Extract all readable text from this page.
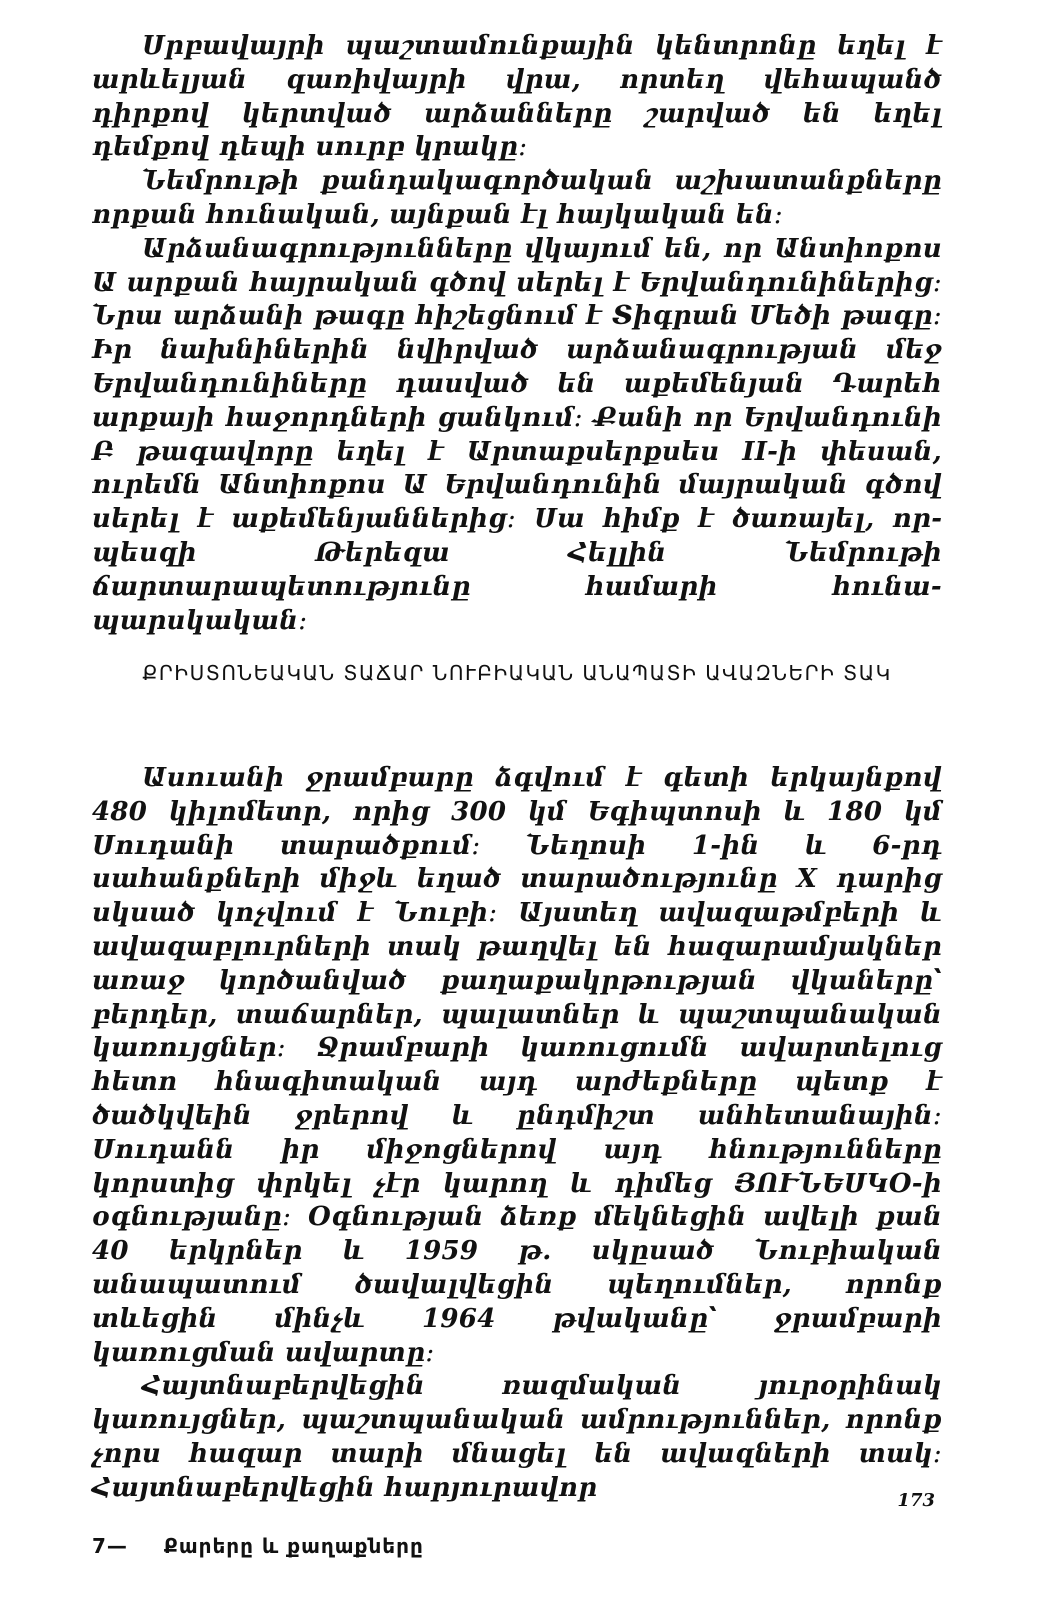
Սրբավայրի պաշտամունքային կենտրոնը եղել է արևելյան զառիվայրի վրա, որտեղ վեհապանծ դիրքով կերտված արձանները շարված են եղել դեմքով դեպի սուրբ կրակը։

Նեմրութի քանդակագործական աշխատանքները որքան հունական, այնքան էլ հայկական են։

Արձանագրությունները վկայում են, որ Անտիոքոս Ա արքան հայրական գծով սերել է Երվանդունիներից։ Նրա արձանի թագը հիշեցնում է Տիգրան Մեծի թագը։ Իր նախնիներին նվիրված արձանագրության մեջ Երվանդունիները դասված են աքեմենյան Դարեհ արքայի հաջորդների ցանկում։ Քանի որ Երվանդունի Բ թագավորը եղել է Արտաքսերքսես II-ի փեսան, ուրեմն Անտիոքոս Ա Երվանդունին մայրական գծով սերել է աքեմենյաններից։ Սա հիմք է ծառայել, որպեսզի Թերեզա Հելլին Նեմրութի ճարտարապետությունը համարի հունա-պարսկական։

ՔՐԻՍՏՈՆԵԱԿԱՆ ՏԱՃԱՐ ՆՈՒԲԻԱԿԱՆ ԱՆԱՊԱՏԻ ԱՎԱԶՆԵՐԻ ՏԱԿ

Ասուանի ջրամբարը ձգվում է գետի երկայնքով 480 կիլոմետր, որից 300 կմ Եգիպտոսի և 180 կմ Սուդանի տարածքում։ Նեղոսի 1-ին և 6-րդ սահանքների միջև եղած տարածությունը X դարից սկսած կոչվում է Նուբի։ Այստեղ ավազաթմբերի և ավազաբլուրների տակ թաղվել են հազարամյակներ առաջ կործանված քաղաքակրթության վկաները՝ բերդեր, տաճարներ, պալատներ և պաշտպանական կառույցներ։ Ջրամբարի կառուցումն ավարտելուց հետո հնագիտական այդ արժեքները պետք է ծածկվեին ջրերով և ընդմիշտ անհետանային։ Սուդանն իր միջոցներով այդ հնությունները կորստից փրկել չէր կարող և դիմեց ՅՈՒՆԵՍԿՕ-ի օգնությանը։ Օգնության ձեռք մեկնեցին ավելի քան 40 երկրներ և 1959 թ. սկըսած Նուբիական անապատում ծավալվեցին պեղումներ, որոնք տևեցին մինչև 1964 թվականը՝ ջրամբարի կառուցման ավարտը։

Հայտնաբերվեցին ռազմական յուրօրինակ կառույցներ, պաշտպանական ամրություններ, որոնք չորս հազար տարի մնացել են ավազների տակ։ Հայտնաբերվեցին հարյուրավոր	173
7— Քարերը և քաղաքները
